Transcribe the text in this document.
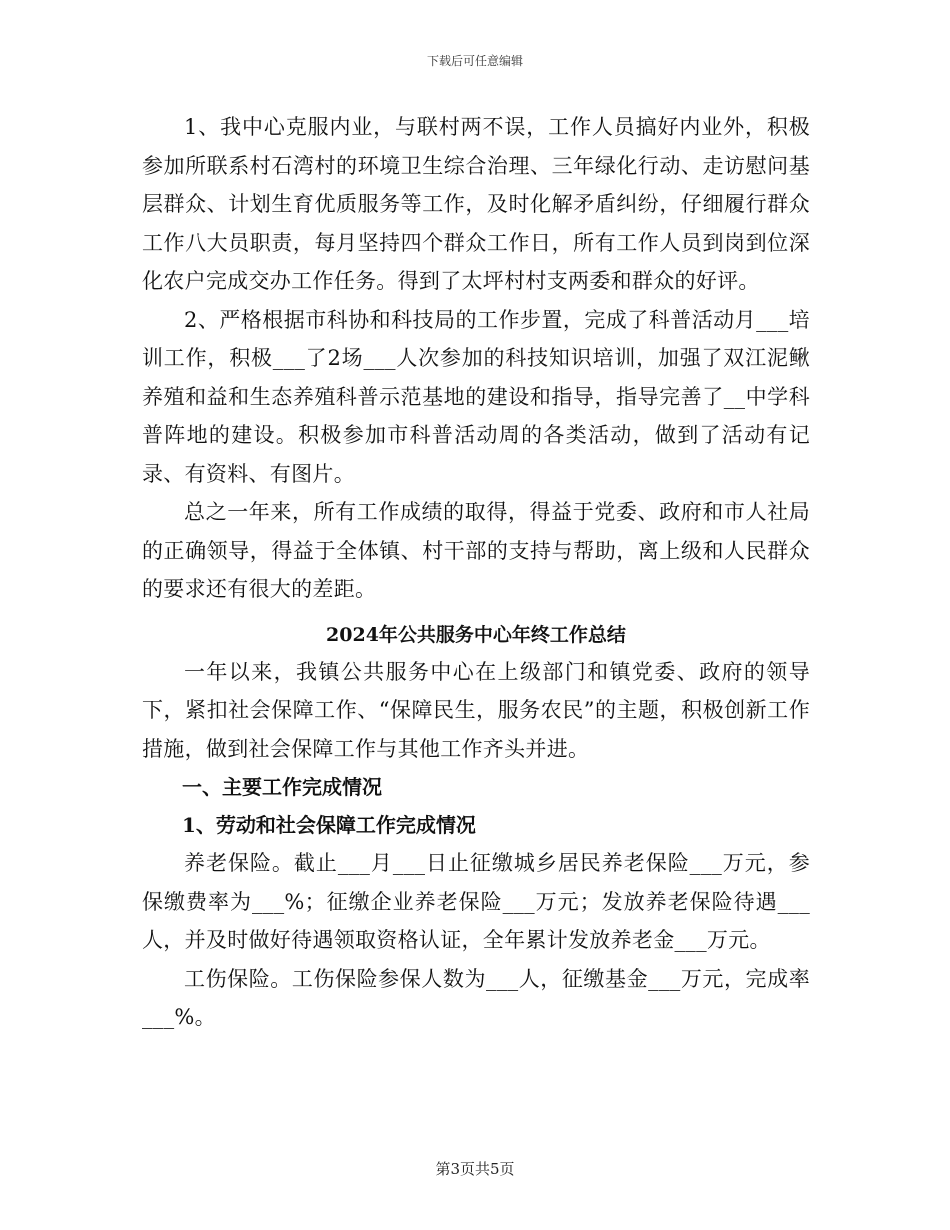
下载后可任意编辑

1、我中心克服内业，与联村两不误，工作人员搞好内业外，积极参加所联系村石湾村的环境卫生综合治理、三年绿化行动、走访慰问基层群众、计划生育优质服务等工作，及时化解矛盾纠纷，仔细履行群众工作八大员职责，每月坚持四个群众工作日，所有工作人员到岗到位深化农户完成交办工作任务。得到了太坪村村支两委和群众的好评。

2、严格根据市科协和科技局的工作步置，完成了科普活动月___培训工作，积极___了2场___人次参加的科技知识培训，加强了双江泥鳅养殖和益和生态养殖科普示范基地的建设和指导，指导完善了__中学科普阵地的建设。积极参加市科普活动周的各类活动，做到了活动有记录、有资料、有图片。

总之一年来，所有工作成绩的取得，得益于党委、政府和市人社局的正确领导，得益于全体镇、村干部的支持与帮助，离上级和人民群众的要求还有很大的差距。

2024年公共服务中心年终工作总结

一年以来，我镇公共服务中心在上级部门和镇党委、政府的领导下，紧扣社会保障工作、“保障民生，服务农民”的主题，积极创新工作措施，做到社会保障工作与其他工作齐头并进。

一、主要工作完成情况

1、劳动和社会保障工作完成情况

养老保险。截止___月___日止征缴城乡居民养老保险___万元，参保缴费率为___%；征缴企业养老保险___万元；发放养老保险待遇___人，并及时做好待遇领取资格认证，全年累计发放养老金___万元。

工伤保险。工伤保险参保人数为___人，征缴基金___万元，完成率___%。

第3页共5页
